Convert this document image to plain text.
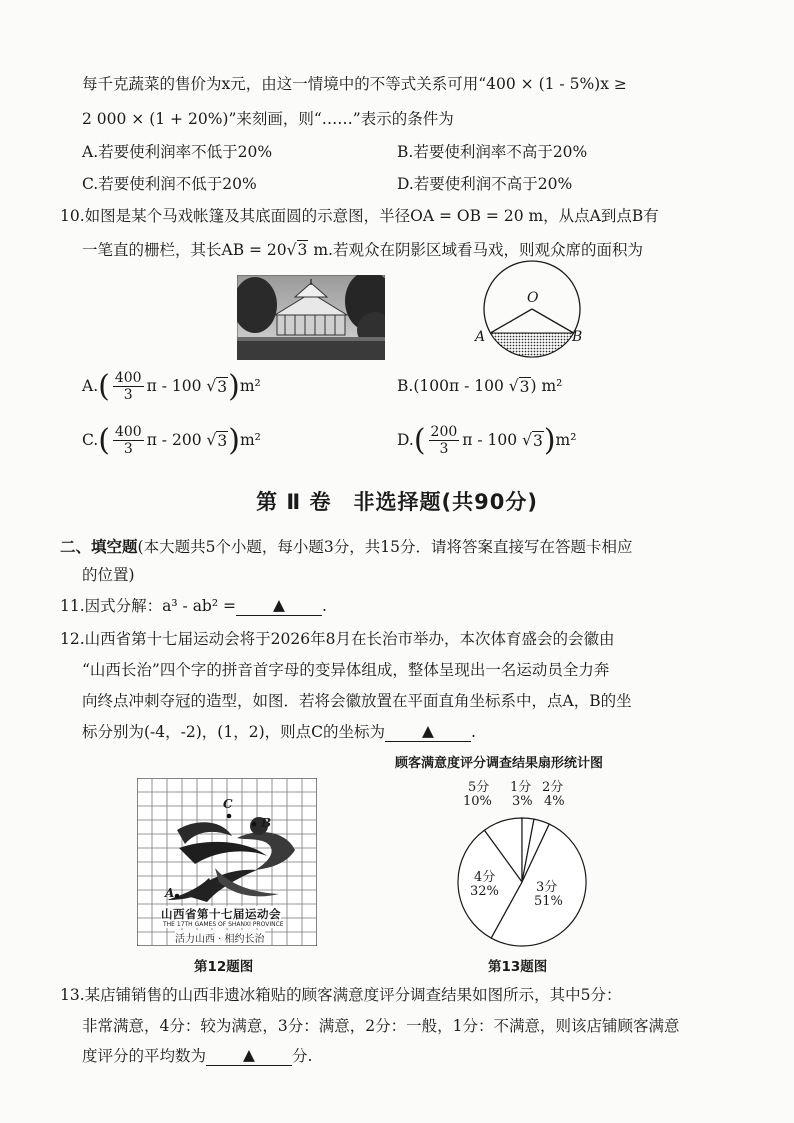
每千克蔬菜的售价为x元，由这一情境中的不等式关系可用“400 × (1 - 5%)x ≥
2 000 × (1 + 20%)”来刻画，则“……”表示的条件为
A.若要使利润率不低于20%	B.若要使利润率不高于20%
C.若要使利润不低于20%	D.若要使利润不高于20%
10.如图是某个马戏帐篷及其底面圆的示意图，半径OA = OB = 20 m，从点A到点B有
一笔直的栅栏，其长AB = 20√3 m.若观众在阴影区域看马戏，则观众席的面积为
O
A	B
A. ( $\frac{400}{3}$ π - 100 √ 3 ) m²	B.(100π - 100 √ 3 ) m²
C. ( $\frac{400}{3}$ π - 200 √ 3 ) m²	D. ( $\frac{200}{3}$ π - 100 √ 3 ) m²
第 Ⅱ 卷　非选择题(共90分)
二、填空题(本大题共5个小题，每小题3分，共15分．请将答案直接写在答题卡相应
的位置)
11.因式分解：a³ - ab² = ▲ .
12.山西省第十七届运动会将于2026年8月在长治市举办，本次体育盛会的会徽由
“山西长治”四个字的拼音首字母的变异体组成，整体呈现出一名运动员全力奔
向终点冲刺夺冠的造型，如图．若将会徽放置在平面直角坐标系中，点A，B的坐
标分别为(-4，-2)，(1，2)，则点C的坐标为 ▲ .
C
B
A
山西省第十七届运动会
THE 17TH GAMES OF SHANXI PROVINCE
活力山西 · 相约长治
第12题图
顾客满意度评分调查结果扇形统计图
5分
10%
1分
3%
2分
4%
3分
51%
4分
32%
第13题图
13.某店铺销售的山西非遗冰箱贴的顾客满意度评分调查结果如图所示，其中5分：
非常满意，4分：较为满意，3分：满意，2分：一般，1分：不满意，则该店铺顾客满意
度评分的平均数为 ▲ 分.
